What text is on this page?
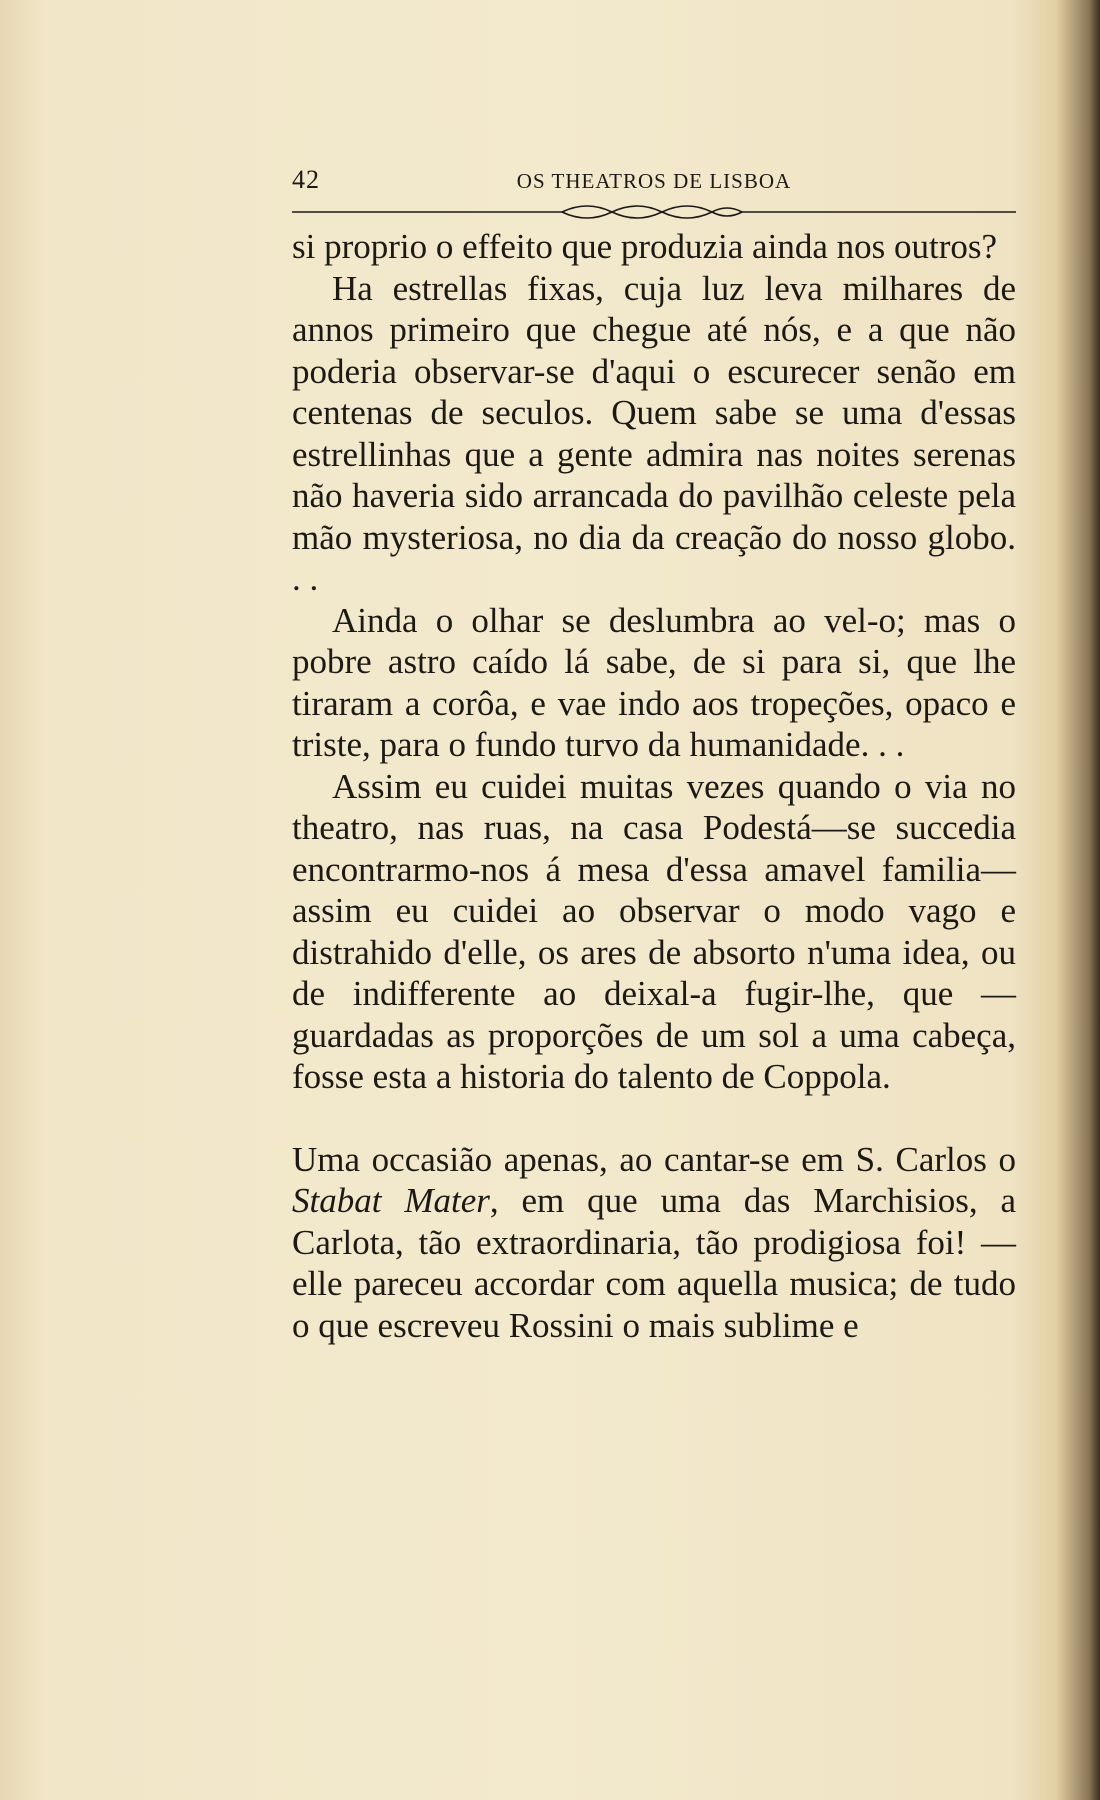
42	OS THEATROS DE LISBOA

si proprio o effeito que produzia ainda nos outros?

Ha estrellas fixas, cuja luz leva milhares de annos primeiro que chegue até nós, e a que não poderia observar-se d'aqui o escurecer senão em centenas de seculos. Quem sabe se uma d'essas estrellinhas que a gente admira nas noites serenas não haveria sido arrancada do pavilhão celeste pela mão mysteriosa, no dia da creação do nosso globo. . .

Ainda o olhar se deslumbra ao vel-o; mas o pobre astro caído lá sabe, de si para si, que lhe tiraram a corôa, e vae indo aos tropeções, opaco e triste, para o fundo turvo da humanidade. . .

Assim eu cuidei muitas vezes quando o via no theatro, nas ruas, na casa Podestá—se succedia encontrarmo-nos á mesa d'essa amavel familia—assim eu cuidei ao observar o modo vago e distrahido d'elle, os ares de absorto n'uma idea, ou de indifferente ao deixal-a fugir-lhe, que —guardadas as proporções de um sol a uma cabeça, fosse esta a historia do talento de Coppola.

Uma occasião apenas, ao cantar-se em S. Carlos o Stabat Mater, em que uma das Marchisios, a Carlota, tão extraordinaria, tão prodigiosa foi! —elle pareceu accordar com aquella musica; de tudo o que escreveu Rossini o mais sublime e
